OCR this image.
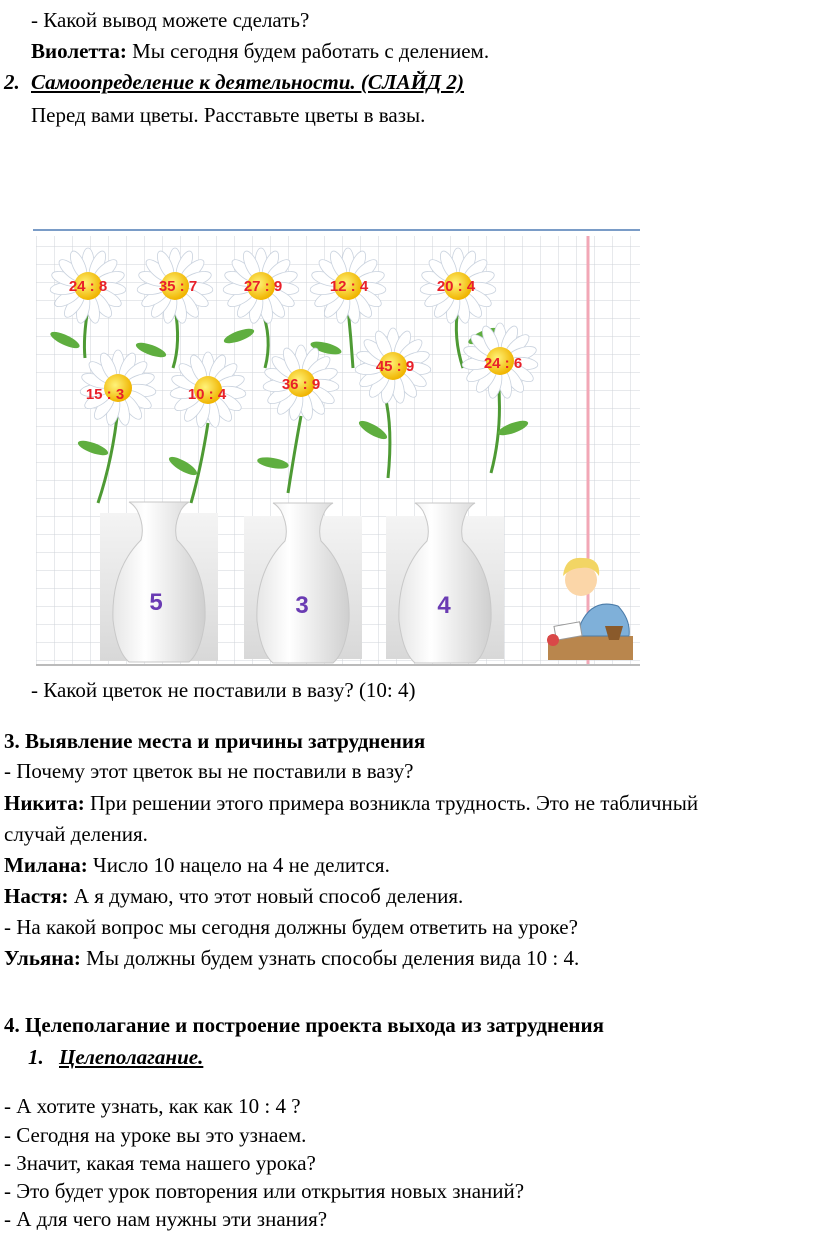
- Какой вывод можете сделать?
Виолетта: Мы сегодня будем работать с делением.
2. Самоопределение к деятельности. (СЛАЙД 2)
Перед вами цветы. Расставьте цветы в вазы.
24 : 8	35 : 7	27 : 9	12 : 4	20 : 4
15 : 3	10 : 4
36 : 9
45 : 9	24 : 6
5	3	4
- Какой цветок не поставили в вазу? (10: 4)
3. Выявление места и причины затруднения
- Почему этот цветок вы не поставили в вазу?
Никита: При решении этого примера возникла трудность. Это не табличный
случай деления.
Милана: Число 10 нацело на 4 не делится.
Настя: А я думаю, что этот новый способ деления.
- На какой вопрос мы сегодня должны будем ответить на уроке?
Ульяна: Мы должны будем узнать способы деления вида 10 : 4.
4. Целеполагание и построение проекта выхода из затруднения
1. Целеполагание.
- А хотите узнать, как как 10 : 4 ?
- Сегодня на уроке вы это узнаем.
- Значит, какая тема нашего урока?
- Это будет урок повторения или открытия новых знаний?
- А для чего нам нужны эти знания?
